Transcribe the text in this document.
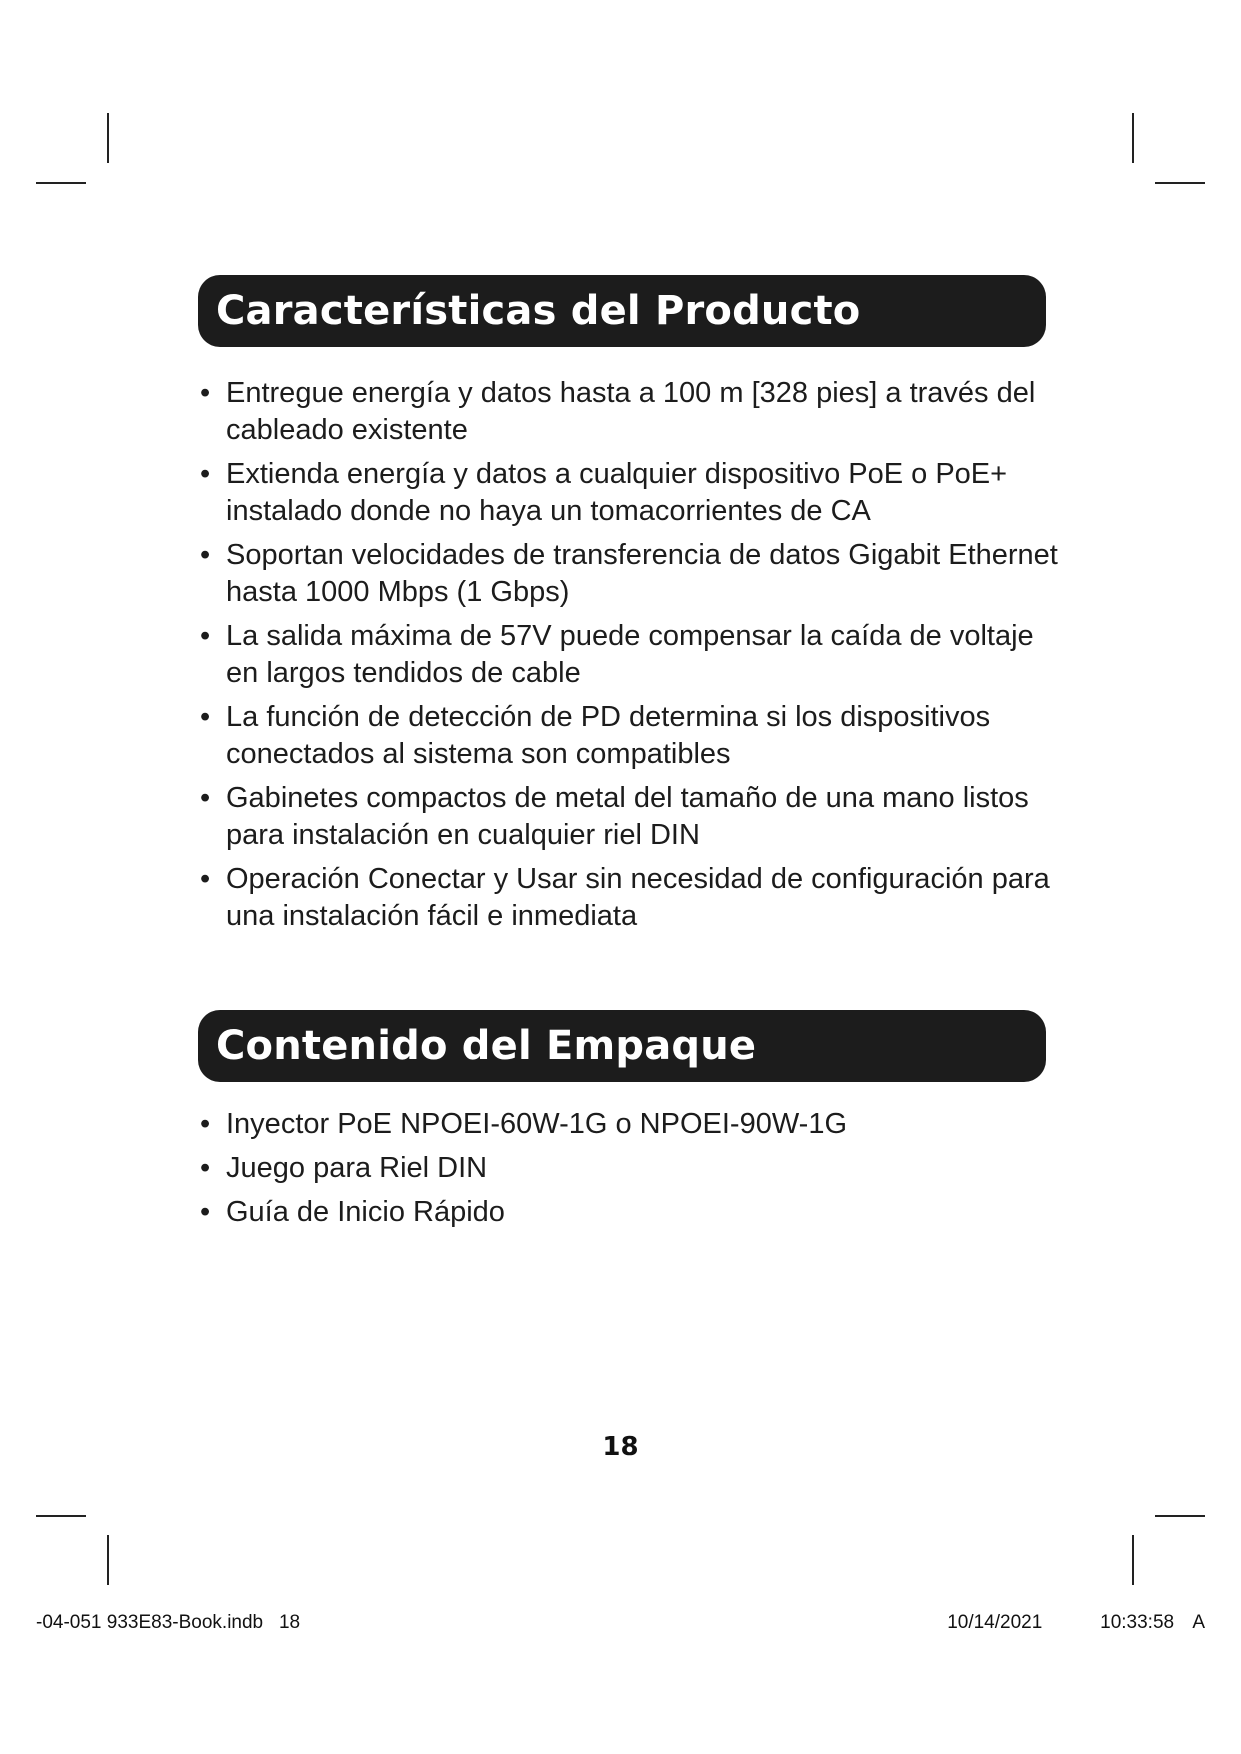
Características del Producto
• Entregue energía y datos hasta a 100 m [328 pies] a través del cableado existente
• Extienda energía y datos a cualquier dispositivo PoE o PoE+ instalado donde no haya un tomacorrientes de CA
• Soportan velocidades de transferencia de datos Gigabit Ethernet hasta 1000 Mbps (1 Gbps)
• La salida máxima de 57V puede compensar la caída de voltaje en largos tendidos de cable
• La función de detección de PD determina si los dispositivos conectados al sistema son compatibles
• Gabinetes compactos de metal del tamaño de una mano listos para instalación en cualquier riel DIN
• Operación Conectar y Usar sin necesidad de configuración para una instalación fácil e inmediata
Contenido del Empaque
• Inyector PoE NPOEI-60W-1G o NPOEI-90W-1G
• Juego para Riel DIN
• Guía de Inicio Rápido
18
-04-051 933E83-Book.indb   18	10/14/2021   10:33:58 A
